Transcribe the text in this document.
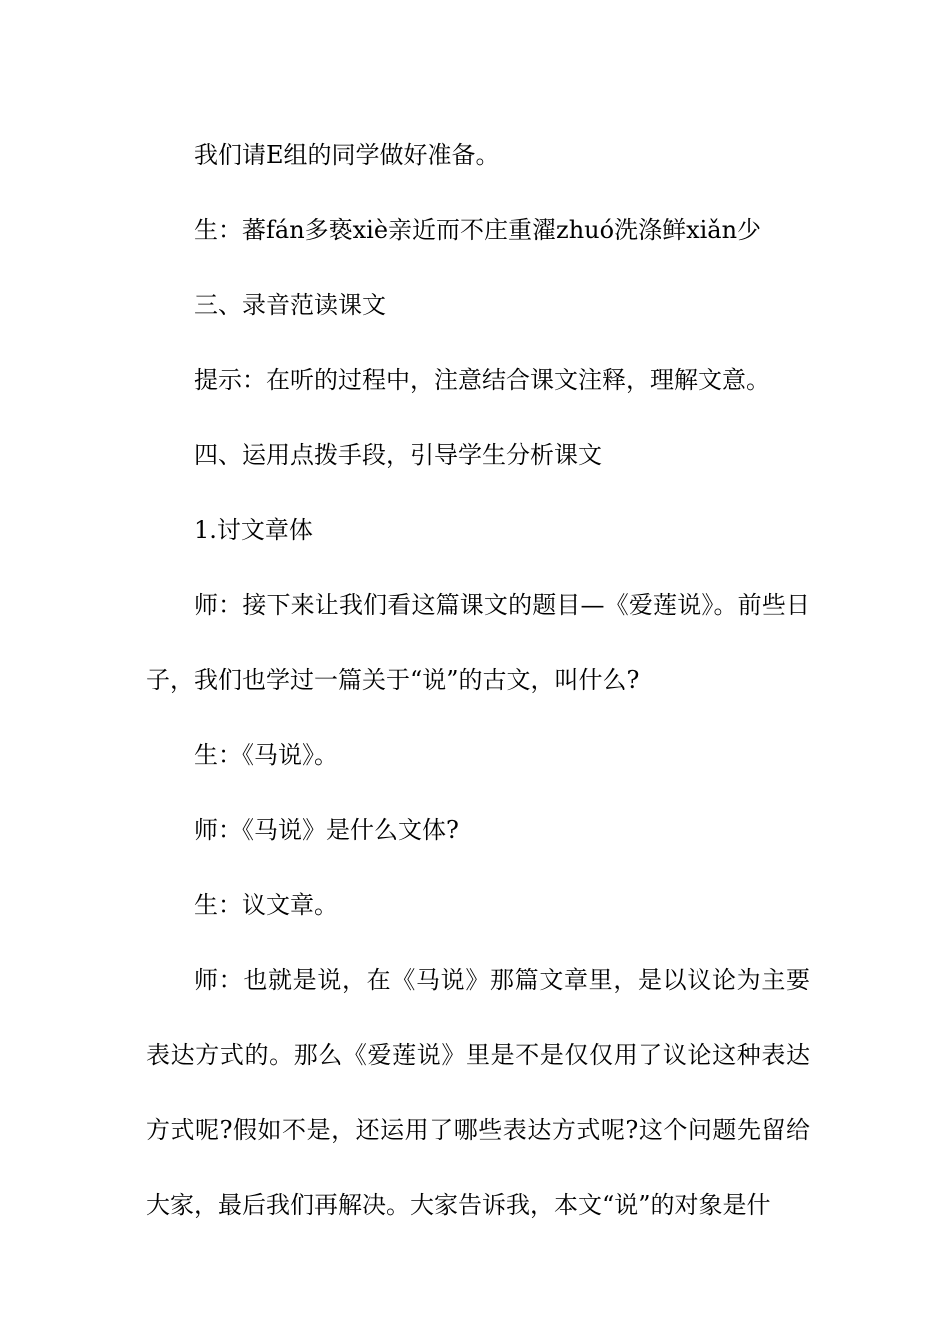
我们请E组的同学做好准备。

生：蕃fán多亵xiè亲近而不庄重濯zhuó洗涤鲜xiǎn少

三、录音范读课文

提示：在听的过程中，注意结合课文注释，理解文意。

四、运用点拨手段，引导学生分析课文

1.讨文章体

师：接下来让我们看这篇课文的题目—《爱莲说》。前些日子，我们也学过一篇关于“说”的古文，叫什么?

生：《马说》。

师：《马说》是什么文体?

生：议文章。

师：也就是说，在《马说》那篇文章里，是以议论为主要表达方式的。那么《爱莲说》里是不是仅仅用了议论这种表达方式呢?假如不是，还运用了哪些表达方式呢?这个问题先留给大家，最后我们再解决。大家告诉我，本文“说”的对象是什
